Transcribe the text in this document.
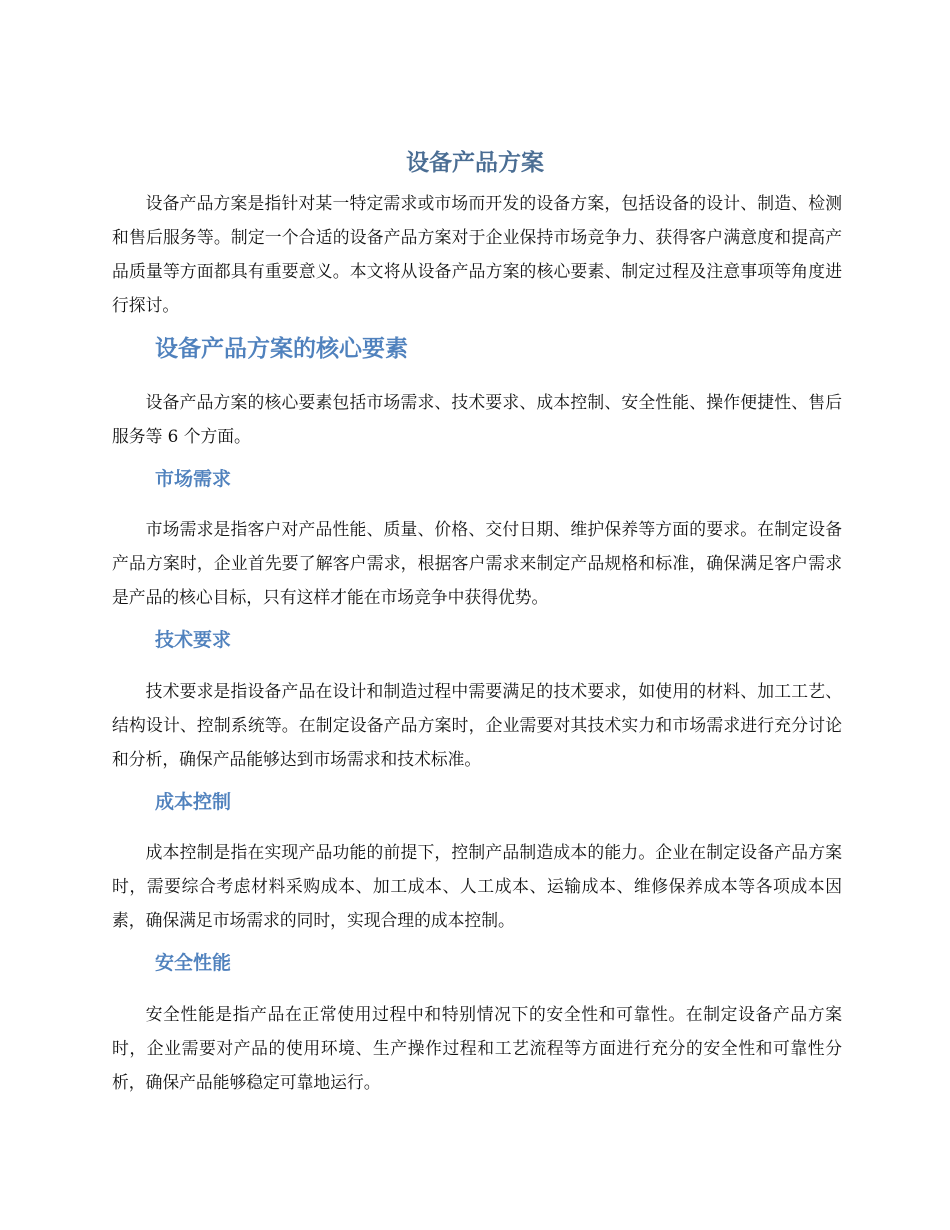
设备产品方案

设备产品方案是指针对某一特定需求或市场而开发的设备方案，包括设备的设计、制造、检测和售后服务等。制定一个合适的设备产品方案对于企业保持市场竞争力、获得客户满意度和提高产品质量等方面都具有重要意义。本文将从设备产品方案的核心要素、制定过程及注意事项等角度进行探讨。

设备产品方案的核心要素

设备产品方案的核心要素包括市场需求、技术要求、成本控制、安全性能、操作便捷性、售后服务等 6 个方面。

市场需求

市场需求是指客户对产品性能、质量、价格、交付日期、维护保养等方面的要求。在制定设备产品方案时，企业首先要了解客户需求，根据客户需求来制定产品规格和标准，确保满足客户需求是产品的核心目标，只有这样才能在市场竞争中获得优势。

技术要求

技术要求是指设备产品在设计和制造过程中需要满足的技术要求，如使用的材料、加工工艺、结构设计、控制系统等。在制定设备产品方案时，企业需要对其技术实力和市场需求进行充分讨论和分析，确保产品能够达到市场需求和技术标准。

成本控制

成本控制是指在实现产品功能的前提下，控制产品制造成本的能力。企业在制定设备产品方案时，需要综合考虑材料采购成本、加工成本、人工成本、运输成本、维修保养成本等各项成本因素，确保满足市场需求的同时，实现合理的成本控制。

安全性能

安全性能是指产品在正常使用过程中和特别情况下的安全性和可靠性。在制定设备产品方案时，企业需要对产品的使用环境、生产操作过程和工艺流程等方面进行充分的安全性和可靠性分析，确保产品能够稳定可靠地运行。
